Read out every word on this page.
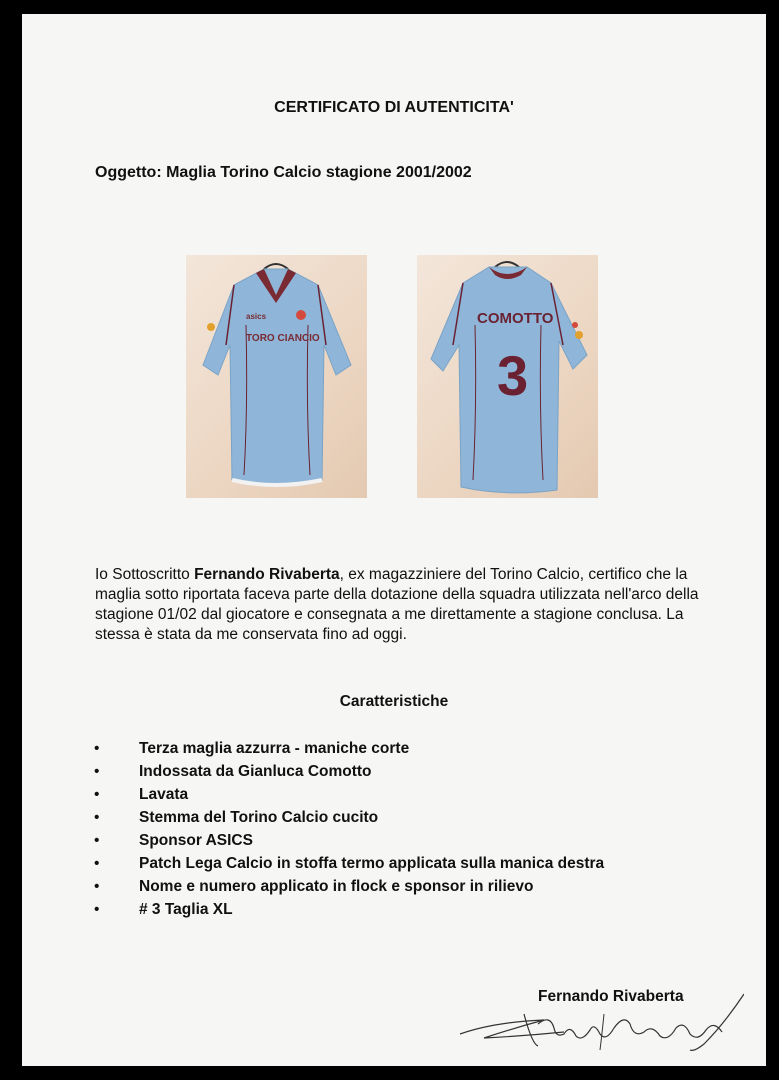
CERTIFICATO DI AUTENTICITA'
Oggetto: Maglia Torino Calcio stagione 2001/2002
asics
TORO CIANCIO
COMOTTO
3
Io Sottoscritto Fernando Rivaberta, ex magazziniere del Torino Calcio, certifico che la maglia sotto riportata faceva parte della dotazione della squadra utilizzata nell'arco della stagione 01/02 dal giocatore e consegnata a me direttamente a stagione conclusa. La stessa è stata da me conservata fino ad oggi.
Caratteristiche
•	Terza maglia azzurra - maniche corte
•	Indossata da Gianluca Comotto
•	Lavata
•	Stemma del Torino Calcio cucito
•	Sponsor ASICS
•	Patch Lega Calcio in stoffa termo applicata sulla manica destra
•	Nome e numero applicato in flock e sponsor in rilievo
•	# 3 Taglia XL
Fernando Rivaberta
